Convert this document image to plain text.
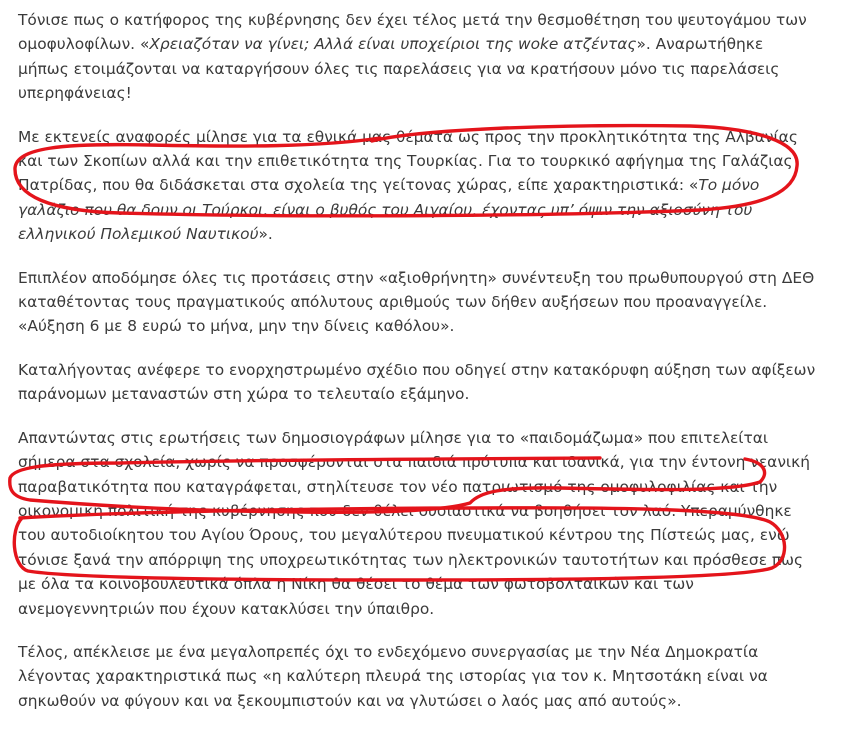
Τόνισε πως ο κατήφορος της κυβέρνησης δεν έχει τέλος μετά την θεσμοθέτηση του ψευτογάμου των ομοφυλοφίλων. «Χρειαζόταν να γίνει; Αλλά είναι υποχείριοι της woke ατζέντας». Αναρωτήθηκε μήπως ετοιμάζονται να καταργήσουν όλες τις παρελάσεις για να κρατήσουν μόνο τις παρελάσεις υπερηφάνειας!

Με εκτενείς αναφορές μίλησε για τα εθνικά μας θέματα ως προς την προκλητικότητα της Αλβανίας και των Σκοπίων αλλά και την επιθετικότητα της Τουρκίας. Για το τουρκικό αφήγημα της Γαλάζιας Πατρίδας, που θα διδάσκεται στα σχολεία της γείτονας χώρας, είπε χαρακτηριστικά: «Το μόνο γαλάζιο που θα δουν οι Τούρκοι, είναι ο βυθός του Αιγαίου, έχοντας υπ’ όψιν την αξιοσύνη του ελληνικού Πολεμικού Ναυτικού».

Επιπλέον αποδόμησε όλες τις προτάσεις στην «αξιοθρήνητη» συνέντευξη του πρωθυπουργού στη ΔΕΘ καταθέτοντας τους πραγματικούς απόλυτους αριθμούς των δήθεν αυξήσεων που προαναγγείλε. «Αύξηση 6 με 8 ευρώ το μήνα, μην την δίνεις καθόλου».

Καταλήγοντας ανέφερε το ενορχηστρωμένο σχέδιο που οδηγεί στην κατακόρυφη αύξηση των αφίξεων παράνομων μεταναστών στη χώρα το τελευταίο εξάμηνο.

Απαντώντας στις ερωτήσεις των δημοσιογράφων μίλησε για το «παιδομάζωμα» που επιτελείται σήμερα στα σχολεία, χωρίς να προσφέρονται στα παιδιά πρότυπα και ιδανικά, για την έντονη νεανική παραβατικότητα που καταγράφεται, στηλίτευσε τον νέο πατριωτισμό της ομοφυλοφιλίας και την οικονομική πολιτική της κυβέρνησης που δεν θέλει ουσιαστικά να βοηθήσει τον λαό. Υπεραμύνθηκε του αυτοδιοίκητου του Αγίου Όρους, του μεγαλύτερου πνευματικού κέντρου της Πίστεώς μας, ενώ τόνισε ξανά την απόρριψη της υποχρεωτικότητας των ηλεκτρονικών ταυτοτήτων και πρόσθεσε πως με όλα τα κοινοβουλευτικά όπλα η Νίκη θα θέσει το θέμα των φωτοβολταϊκών και των ανεμογεννητριών που έχουν κατακλύσει την ύπαιθρο.

Τέλος, απέκλεισε με ένα μεγαλοπρεπές όχι το ενδεχόμενο συνεργασίας με την Νέα Δημοκρατία λέγοντας χαρακτηριστικά πως «η καλύτερη πλευρά της ιστορίας για τον κ. Μητσοτάκη είναι να σηκωθούν να φύγουν και να ξεκουμπιστούν και να γλυτώσει ο λαός μας από αυτούς».
